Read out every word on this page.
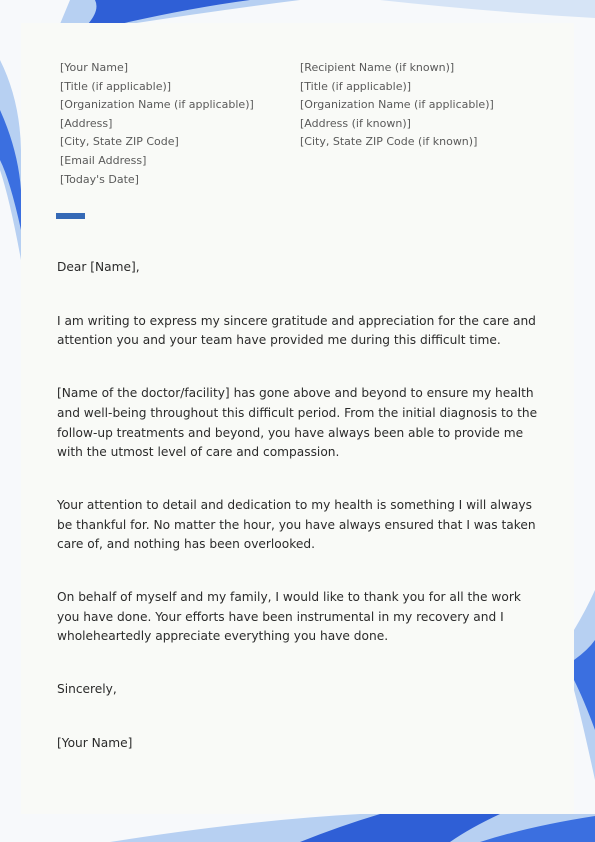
[Your Name]
[Title (if applicable)]
[Organization Name (if applicable)]
[Address]
[City, State ZIP Code]
[Email Address]
[Today's Date]
[Recipient Name (if known)]
[Title (if applicable)]
[Organization Name (if applicable)]
[Address (if known)]
[City, State ZIP Code (if known)]

Dear [Name],

I am writing to express my sincere gratitude and appreciation for the care and attention you and your team have provided me during this difficult time.

[Name of the doctor/facility] has gone above and beyond to ensure my health and well-being throughout this difficult period. From the initial diagnosis to the follow-up treatments and beyond, you have always been able to provide me with the utmost level of care and compassion.

Your attention to detail and dedication to my health is something I will always be thankful for. No matter the hour, you have always ensured that I was taken care of, and nothing has been overlooked.

On behalf of myself and my family, I would like to thank you for all the work you have done. Your efforts have been instrumental in my recovery and I wholeheartedly appreciate everything you have done.

Sincerely,

[Your Name]
